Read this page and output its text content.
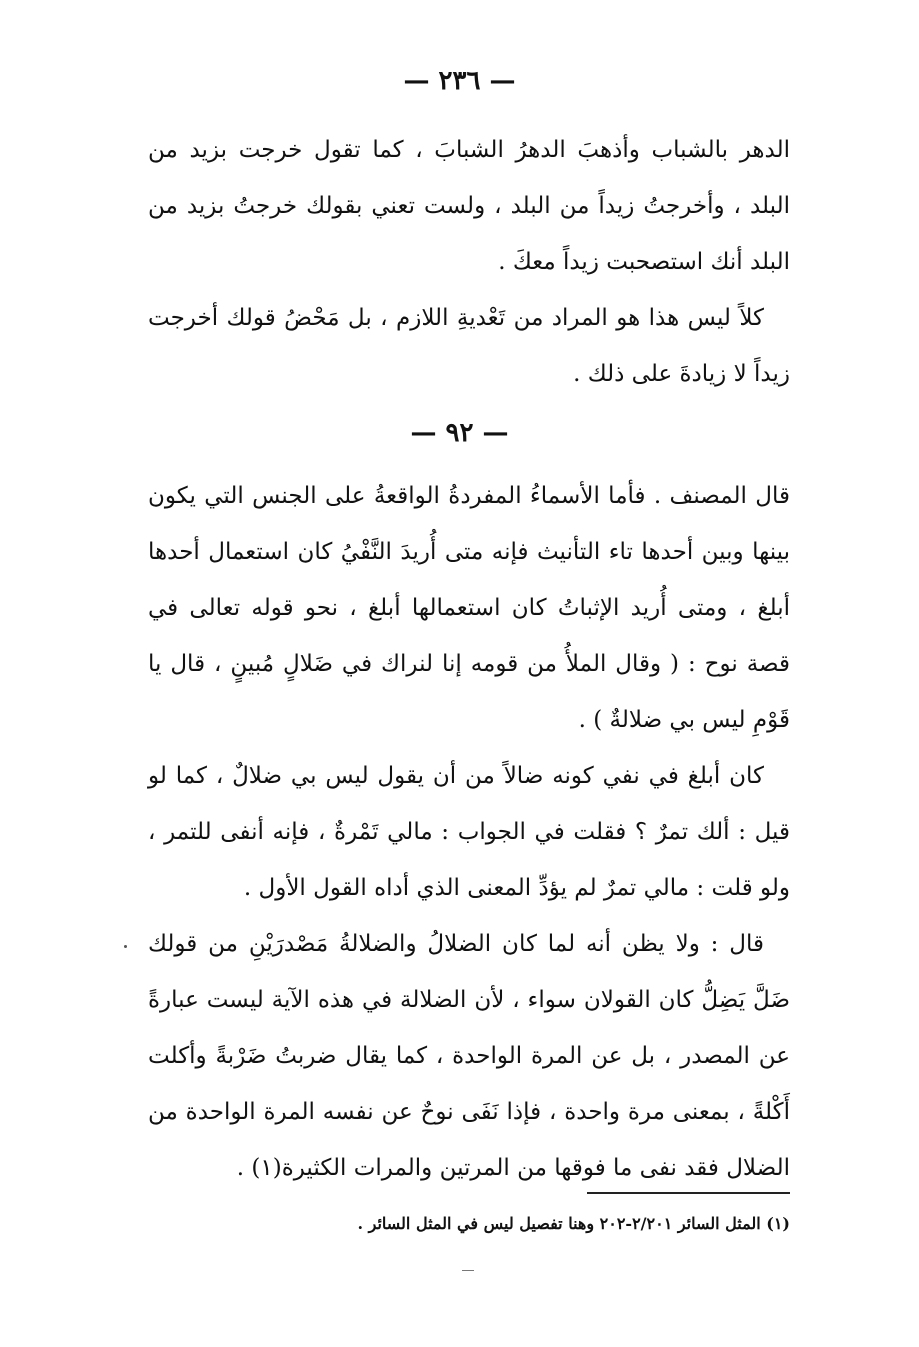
— ٢٣٦ —

الدهر بالشباب وأذهبَ الدهرُ الشبابَ ، كما تقول خرجت بزيد من البلد ، وأخرجتُ زيداً من البلد ، ولست تعني بقولك خرجتُ بزيد من البلد أنك استصحبت زيداً معكَ .

كلاً ليس هذا هو المراد من تَعْديةِ اللازم ، بل مَحْضُ قولك أخرجت زيداً لا زيادةَ على ذلك .

— ٩٢ —

قال المصنف . فأما الأسماءُ المفردةُ الواقعةُ على الجنس التي يكون بينها وبين أحدها تاء التأنيث فإنه متى أُريدَ النَّفْيُ كان استعمال أحدها أبلغ ، ومتى أُريد الإثباتُ كان استعمالها أبلغ ، نحو قوله تعالى في قصة نوح : ( وقال الملأُ من قومه إنا لنراك في ضَلالٍ مُبينٍ ، قال يا قَوْمِ ليس بي ضلالةٌ ) .

كان أبلغ في نفي كونه ضالاً من أن يقول ليس بي ضلالٌ ، كما لو قيل : ألك تمرٌ ؟ فقلت في الجواب : مالي تَمْرةٌ ، فإنه أنفى للتمر ، ولو قلت : مالي تمرٌ لم يؤدِّ المعنى الذي أداه القول الأول .

قال : ولا يظن أنه لما كان الضلالُ والضلالةُ مَصْدرَيْنِ من قولك ضَلَّ يَضِلُّ كان القولان سواء ، لأن الضلالة في هذه الآية ليست عبارةً عن المصدر ، بل عن المرة الواحدة ، كما يقال ضربتُ ضَرْبةً وأكلت أَكْلةً ، بمعنى مرة واحدة ، فإذا نَفَى نوحٌ عن نفسه المرة الواحدة من الضلال فقد نفى ما فوقها من المرتين والمرات الكثيرة(١) .

(١) المثل السائر ٢/٢٠١-٢٠٢ وهنا تفصيل ليس في المثل السائر .
